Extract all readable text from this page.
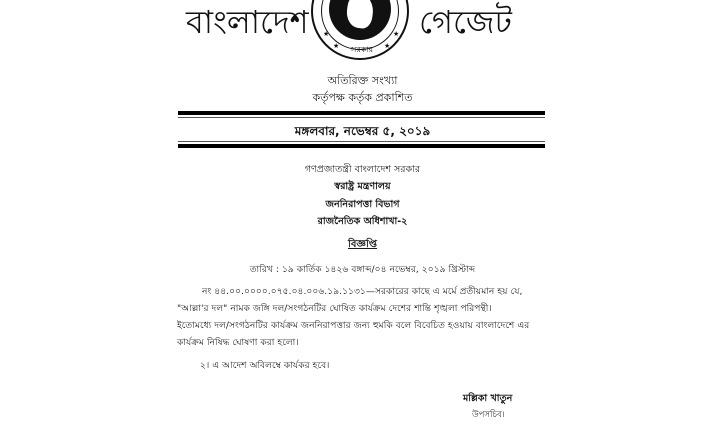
বাংলাদেশ ★
★
★
★
সরকার
গেজেট
অতিরিক্ত সংখ্যা
কর্তৃপক্ষ কর্তৃক প্রকাশিত
মঙ্গলবার, নভেম্বর ৫, ২০১৯
গণপ্রজাতন্ত্রী বাংলাদেশ সরকার
স্বরাষ্ট্র মন্ত্রণালয়
জননিরাপত্তা বিভাগ
রাজনৈতিক অধিশাখা-২
বিজ্ঞপ্তি
তারিখ : ১৯ কার্তিক ১৪২৬ বঙ্গাব্দ/০৪ নভেম্বর, ২০১৯ খ্রিস্টাব্দ
নং ৪৪.০০.০০০০.০৭৫.০৪.০০৬.১৯.১১৩১—সরকারের কাছে এ মর্মে প্রতীয়মান হয় যে,
"আল্লা'র দল" নামক জঙ্গি দল/সংগঠনটির ঘোষিত কার্যক্রম দেশের শান্তি শৃঙ্খলা পরিপন্থী।
ইতোমধ্যে দল/সংগঠনটির কার্যক্রম জননিরাপত্তার জন্য হুমকি বলে বিবেচিত হওয়ায় বাংলাদেশে এর
কার্যক্রম নিষিদ্ধ ঘোষণা করা হলো।
২। এ আদেশ অবিলম্বে কার্যকর হবে।
মল্লিকা খাতুন
উপসচিব।
